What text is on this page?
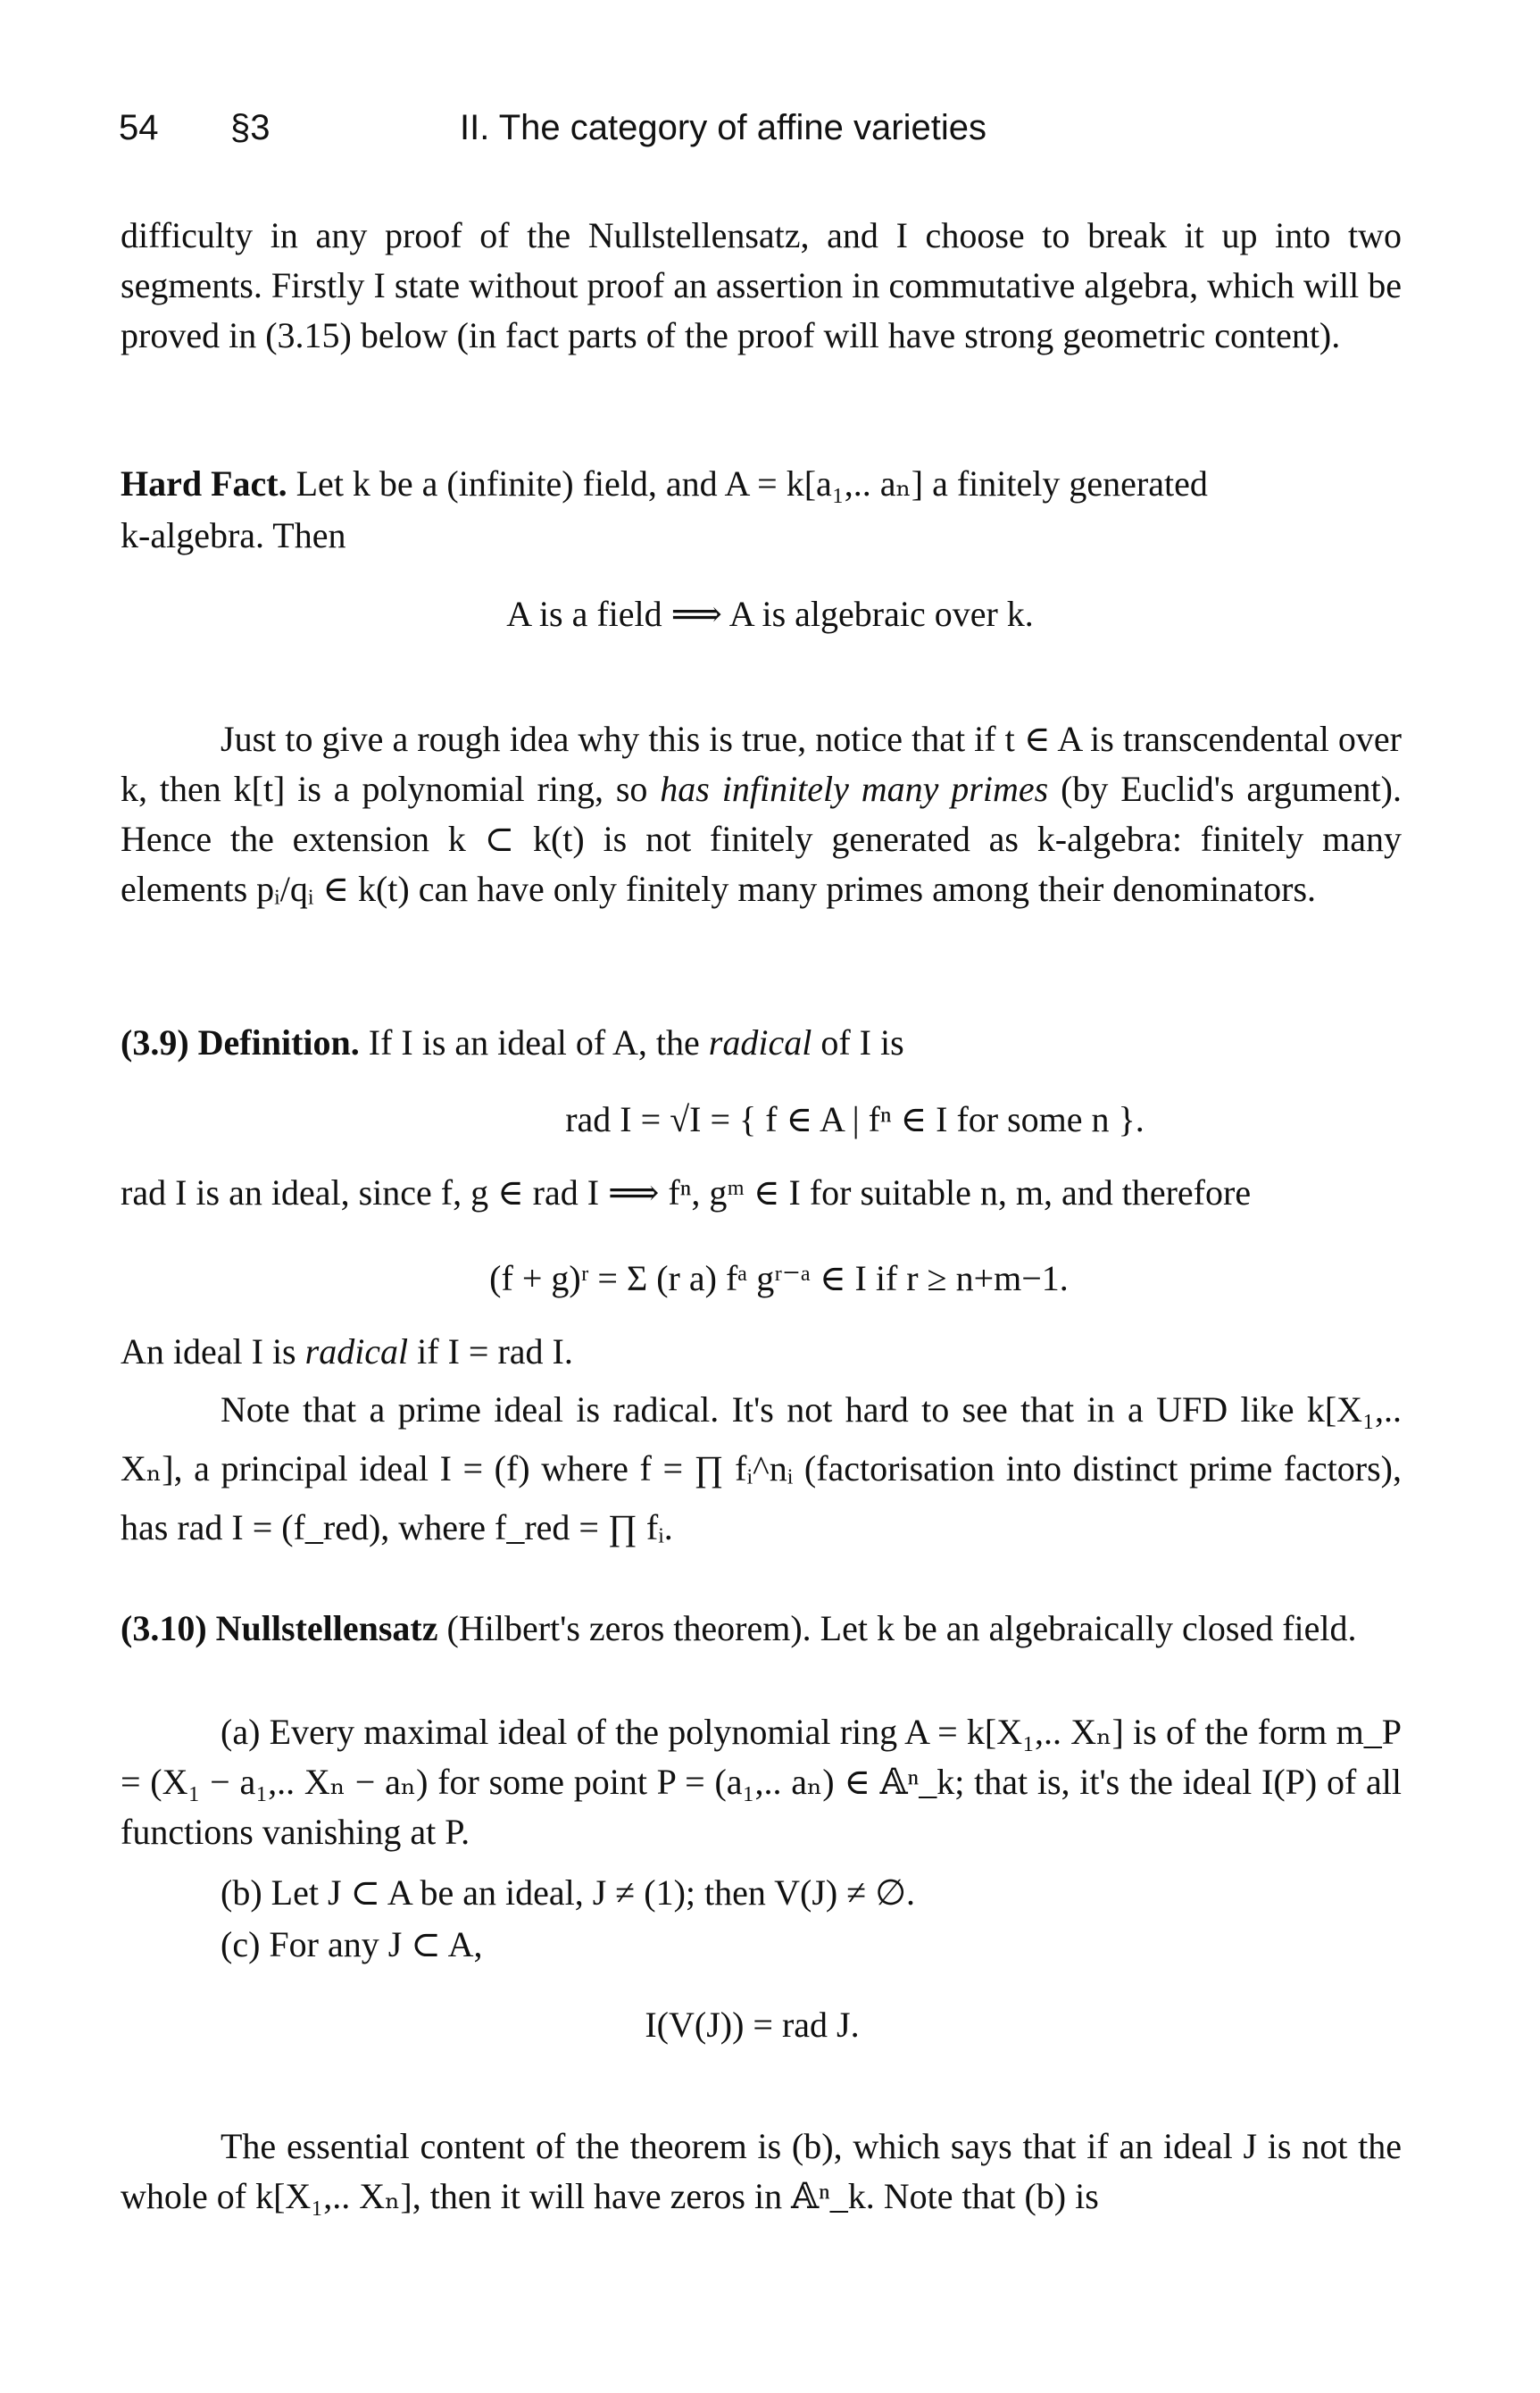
54 §3	II. The category of affine varieties
difficulty in any proof of the Nullstellensatz, and I choose to break it up into two segments. Firstly I state without proof an assertion in commutative algebra, which will be proved in (3.15) below (in fact parts of the proof will have strong geometric content).
Hard Fact. Let k be a (infinite) field, and A = k[a₁,.. aₙ] a finitely generated
k-algebra. Then
A is a field ⟹ A is algebraic over k.
Just to give a rough idea why this is true, notice that if t ∈ A is transcendental over k, then k[t] is a polynomial ring, so has infinitely many primes (by Euclid's argument). Hence the extension k ⊂ k(t) is not finitely generated as k-algebra: finitely many elements pᵢ/qᵢ ∈ k(t) can have only finitely many primes among their denominators.
(3.9) Definition. If I is an ideal of A, the radical of I is
rad I = √I = { f ∈ A | fⁿ ∈ I for some n }.
rad I is an ideal, since f, g ∈ rad I ⟹ fⁿ, gᵐ ∈ I for suitable n, m, and therefore
(f + g)ʳ = Σ (r a) fᵃ gʳ⁻ᵃ ∈ I if r ≥ n+m−1.
An ideal I is radical if I = rad I.
Note that a prime ideal is radical. It's not hard to see that in a UFD like k[X₁,.. Xₙ], a principal ideal I = (f) where f = ∏ fᵢ^nᵢ (factorisation into distinct prime factors), has rad I = (f_red), where f_red = ∏ fᵢ.
(3.10) Nullstellensatz (Hilbert's zeros theorem). Let k be an algebraically closed field.
(a) Every maximal ideal of the polynomial ring A = k[X₁,.. Xₙ] is of the form m_P = (X₁ − a₁,.. Xₙ − aₙ) for some point P = (a₁,.. aₙ) ∈ 𝔸ⁿ_k; that is, it's the ideal I(P) of all functions vanishing at P.
(b) Let J ⊂ A be an ideal, J ≠ (1); then V(J) ≠ ∅.
(c) For any J ⊂ A,
I(V(J)) = rad J.
The essential content of the theorem is (b), which says that if an ideal J is not the whole of k[X₁,.. Xₙ], then it will have zeros in 𝔸ⁿ_k. Note that (b) is
